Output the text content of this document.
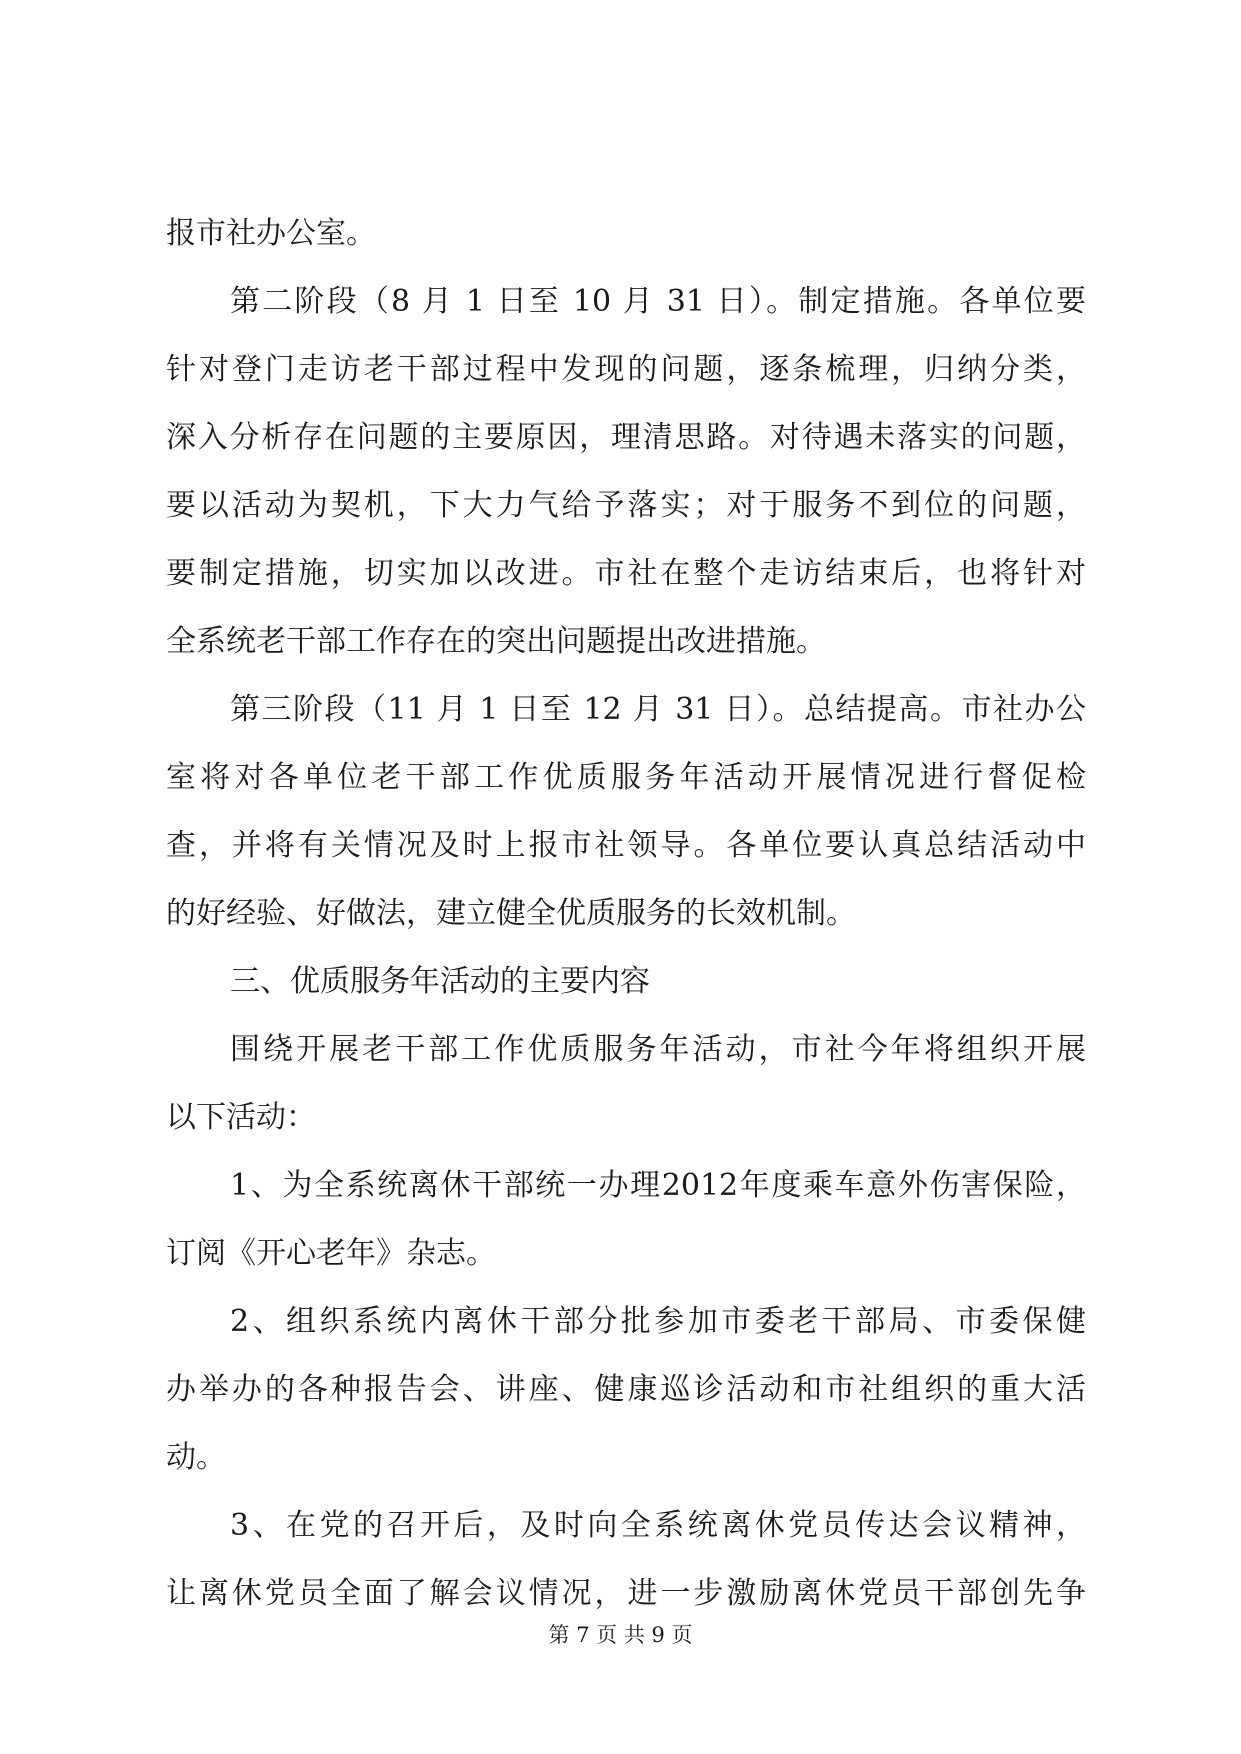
报市社办公室。
第二阶段（8 月 1 日至 10 月 31 日）。制定措施。各单位要
针对登门走访老干部过程中发现的问题，逐条梳理，归纳分类，
深入分析存在问题的主要原因，理清思路。对待遇未落实的问题，
要以活动为契机，下大力气给予落实；对于服务不到位的问题，
要制定措施，切实加以改进。市社在整个走访结束后，也将针对
全系统老干部工作存在的突出问题提出改进措施。
第三阶段（11 月 1 日至 12 月 31 日）。总结提高。市社办公
室将对各单位老干部工作优质服务年活动开展情况进行督促检
查，并将有关情况及时上报市社领导。各单位要认真总结活动中
的好经验、好做法，建立健全优质服务的长效机制。
三、优质服务年活动的主要内容
围绕开展老干部工作优质服务年活动，市社今年将组织开展
以下活动：
1、为全系统离休干部统一办理2012年度乘车意外伤害保险，
订阅《开心老年》杂志。
2、组织系统内离休干部分批参加市委老干部局、市委保健
办举办的各种报告会、讲座、健康巡诊活动和市社组织的重大活
动。
3、在党的召开后，及时向全系统离休党员传达会议精神，
让离休党员全面了解会议情况，进一步激励离休党员干部创先争
第 7 页 共 9 页
